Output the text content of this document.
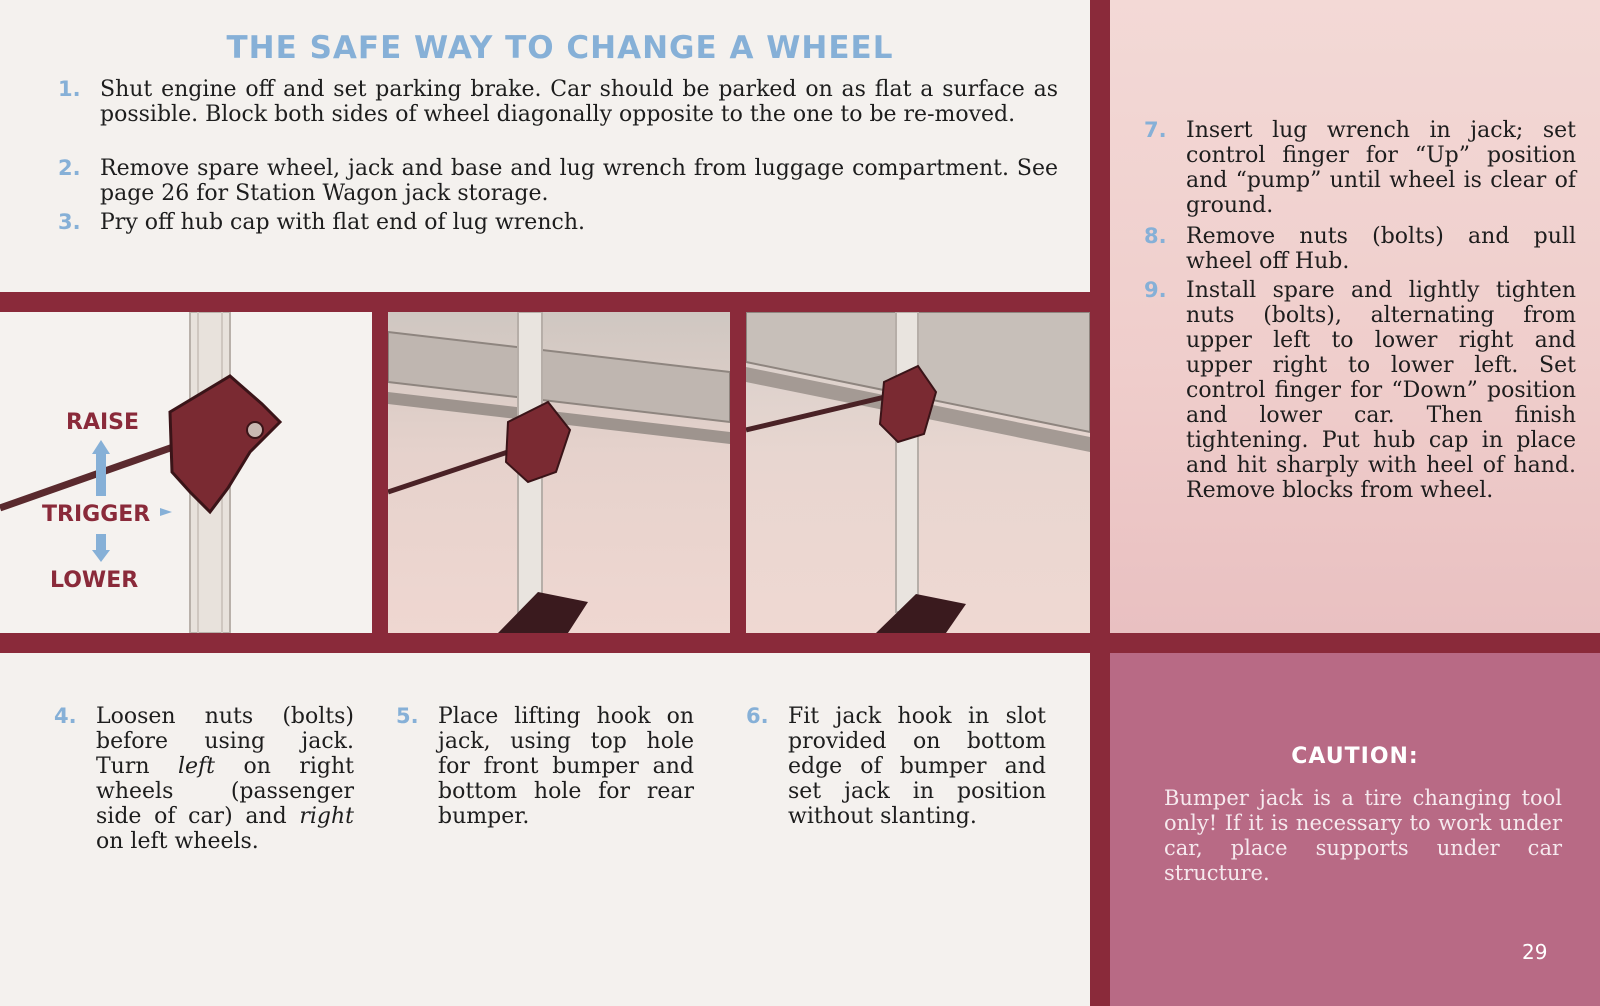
THE SAFE WAY TO CHANGE A WHEEL
1. Shut engine off and set parking brake. Car should be parked on as flat a surface as possible. Block both sides of wheel diagonally opposite to the one to be re-moved.
2. Remove spare wheel, jack and base and lug wrench from luggage compartment. See page 26 for Station Wagon jack storage.
3. Pry off hub cap with flat end of lug wrench.
RAISE
TRIGGER
LOWER
4. Loosen nuts (bolts) before using jack. Turn left on right wheels (passenger side of car) and right on left wheels.
5. Place lifting hook on jack, using top hole for front bumper and bottom hole for rear bumper.
6. Fit jack hook in slot provided on bottom edge of bumper and set jack in position without slanting.
7. Insert lug wrench in jack; set control finger for “Up” position and “pump” until wheel is clear of ground.
8. Remove nuts (bolts) and pull wheel off Hub.
9. Install spare and lightly tighten nuts (bolts), alternating from upper left to lower right and upper right to lower left. Set control finger for “Down” position and lower car. Then finish tightening. Put hub cap in place and hit sharply with heel of hand. Remove blocks from wheel.
CAUTION:
Bumper jack is a tire changing tool only! If it is necessary to work under car, place supports under car structure.
29
